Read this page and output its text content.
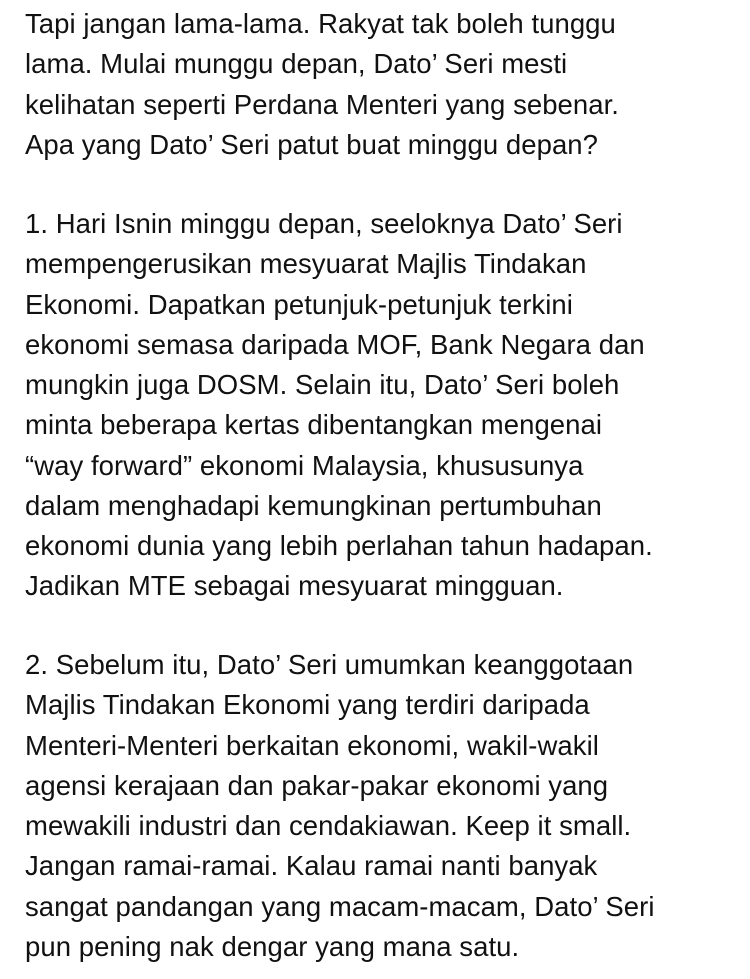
Tapi jangan lama-lama. Rakyat tak boleh tunggu
lama. Mulai munggu depan, Dato’ Seri mesti
kelihatan seperti Perdana Menteri yang sebenar.
Apa yang Dato’ Seri patut buat minggu depan?

1. Hari Isnin minggu depan, seeloknya Dato’ Seri
mempengerusikan mesyuarat Majlis Tindakan
Ekonomi. Dapatkan petunjuk-petunjuk terkini
ekonomi semasa daripada MOF, Bank Negara dan
mungkin juga DOSM. Selain itu, Dato’ Seri boleh
minta beberapa kertas dibentangkan mengenai
“way forward” ekonomi Malaysia, khususunya
dalam menghadapi kemungkinan pertumbuhan
ekonomi dunia yang lebih perlahan tahun hadapan.
Jadikan MTE sebagai mesyuarat mingguan.

2. Sebelum itu, Dato’ Seri umumkan keanggotaan
Majlis Tindakan Ekonomi yang terdiri daripada
Menteri-Menteri berkaitan ekonomi, wakil-wakil
agensi kerajaan dan pakar-pakar ekonomi yang
mewakili industri dan cendakiawan. Keep it small.
Jangan ramai-ramai. Kalau ramai nanti banyak
sangat pandangan yang macam-macam, Dato’ Seri
pun pening nak dengar yang mana satu.
